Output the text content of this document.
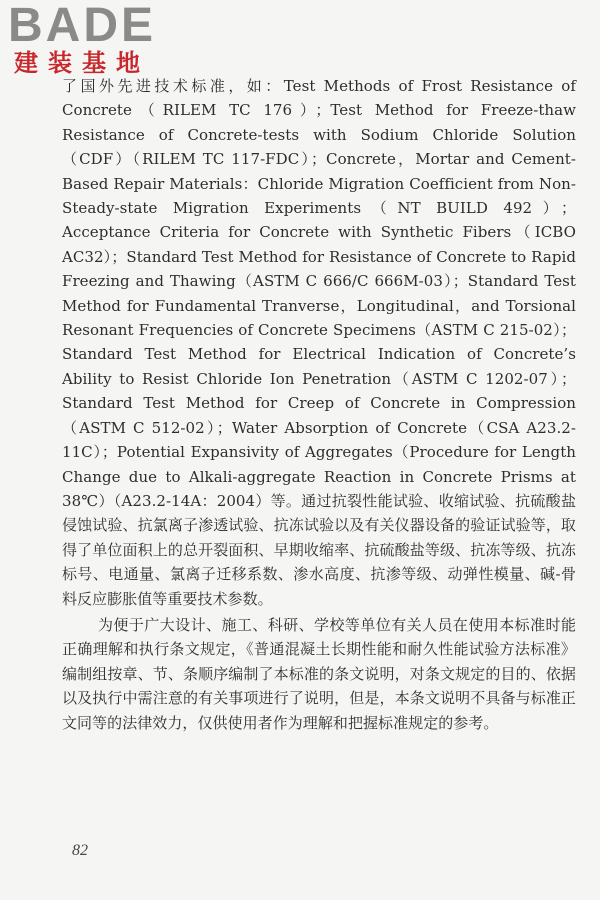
BADE
建装基地

了国外先进技术标准，如：Test Methods of Frost Resistance of Concrete（RILEM TC 176）；Test Method for Freeze-thaw Resistance of Concrete-tests with Sodium Chloride Solution（CDF）（RILEM TC 117-FDC）；Concrete，Mortar and Cement-Based Repair Materials：Chloride Migration Coefficient from Non-Steady-state Migration Experiments（NT BUILD 492）；Acceptance Criteria for Concrete with Synthetic Fibers（ICBO AC32）；Standard Test Method for Resistance of Concrete to Rapid Freezing and Thawing（ASTM C 666/C 666M-03）；Standard Test Method for Fundamental Tranverse，Longitudinal，and Torsional Resonant Frequencies of Concrete Specimens（ASTM C 215-02）；Standard Test Method for Electrical Indication of Concrete’s Ability to Resist Chloride Ion Penetration（ASTM C 1202-07）；Standard Test Method for Creep of Concrete in Compression（ASTM C 512-02）；Water Absorption of Concrete（CSA A23.2-11C）；Potential Expansivity of Aggregates（Procedure for Length Change due to Alkali-aggregate Reaction in Concrete Prisms at 38℃）（A23.2-14A：2004）等。通过抗裂性能试验、收缩试验、抗硫酸盐侵蚀试验、抗氯离子渗透试验、抗冻试验以及有关仪器设备的验证试验等，取得了单位面积上的总开裂面积、早期收缩率、抗硫酸盐等级、抗冻等级、抗冻标号、电通量、氯离子迁移系数、渗水高度、抗渗等级、动弹性模量、碱-骨料反应膨胀值等重要技术参数。

为便于广大设计、施工、科研、学校等单位有关人员在使用本标准时能正确理解和执行条文规定，《普通混凝土长期性能和耐久性能试验方法标准》编制组按章、节、条顺序编制了本标准的条文说明，对条文规定的目的、依据以及执行中需注意的有关事项进行了说明，但是，本条文说明不具备与标准正文同等的法律效力，仅供使用者作为理解和把握标准规定的参考。

82
